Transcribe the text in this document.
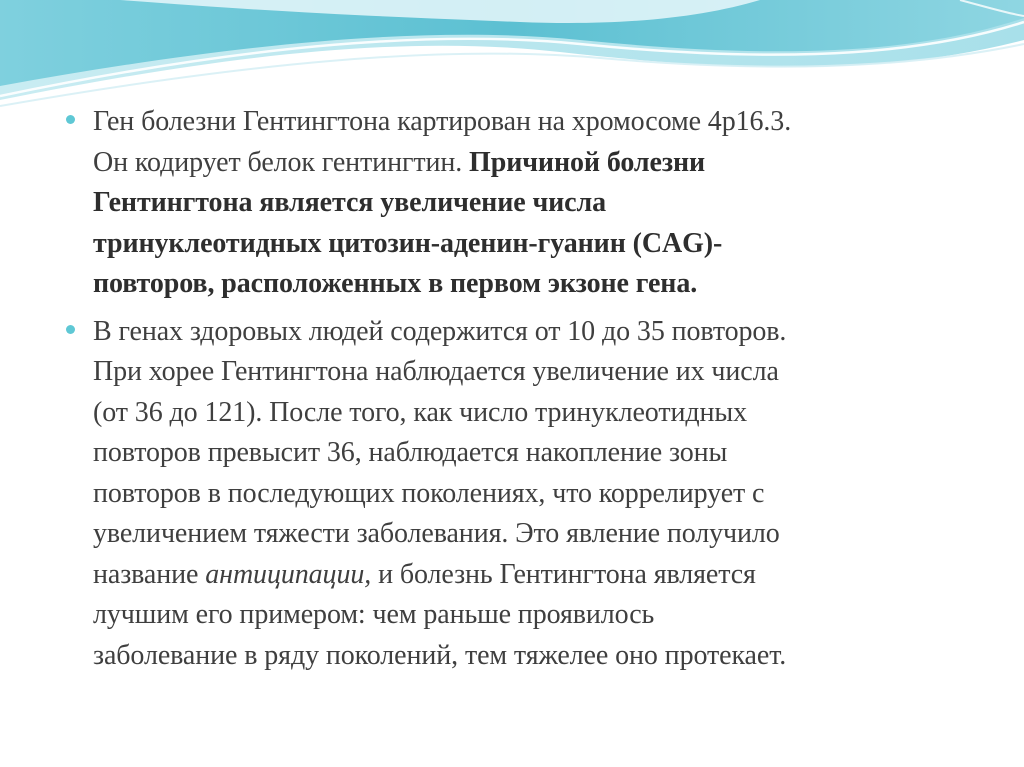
Ген болезни Гентингтона картирован на хромосоме 4р16.3.
Он кодирует белок гентингтин. Причиной болезни
Гентингтона является увеличение числа
тринуклеотидных цитозин-аденин-гуанин (CAG)-
повторов, расположенных в первом экзоне гена.
В генах здоровых людей содержится от 10 до 35 повторов.
При хорее Гентингтона наблюдается увеличение их числа
(от 36 до 121). После того, как число тринуклеотидных
повторов превысит 36, наблюдается накопление зоны
повторов в последующих поколениях, что коррелирует с
увеличением тяжести заболевания. Это явление получило
название антиципации, и болезнь Гентингтона является
лучшим его примером: чем раньше проявилось
заболевание в ряду поколений, тем тяжелее оно протекает.
